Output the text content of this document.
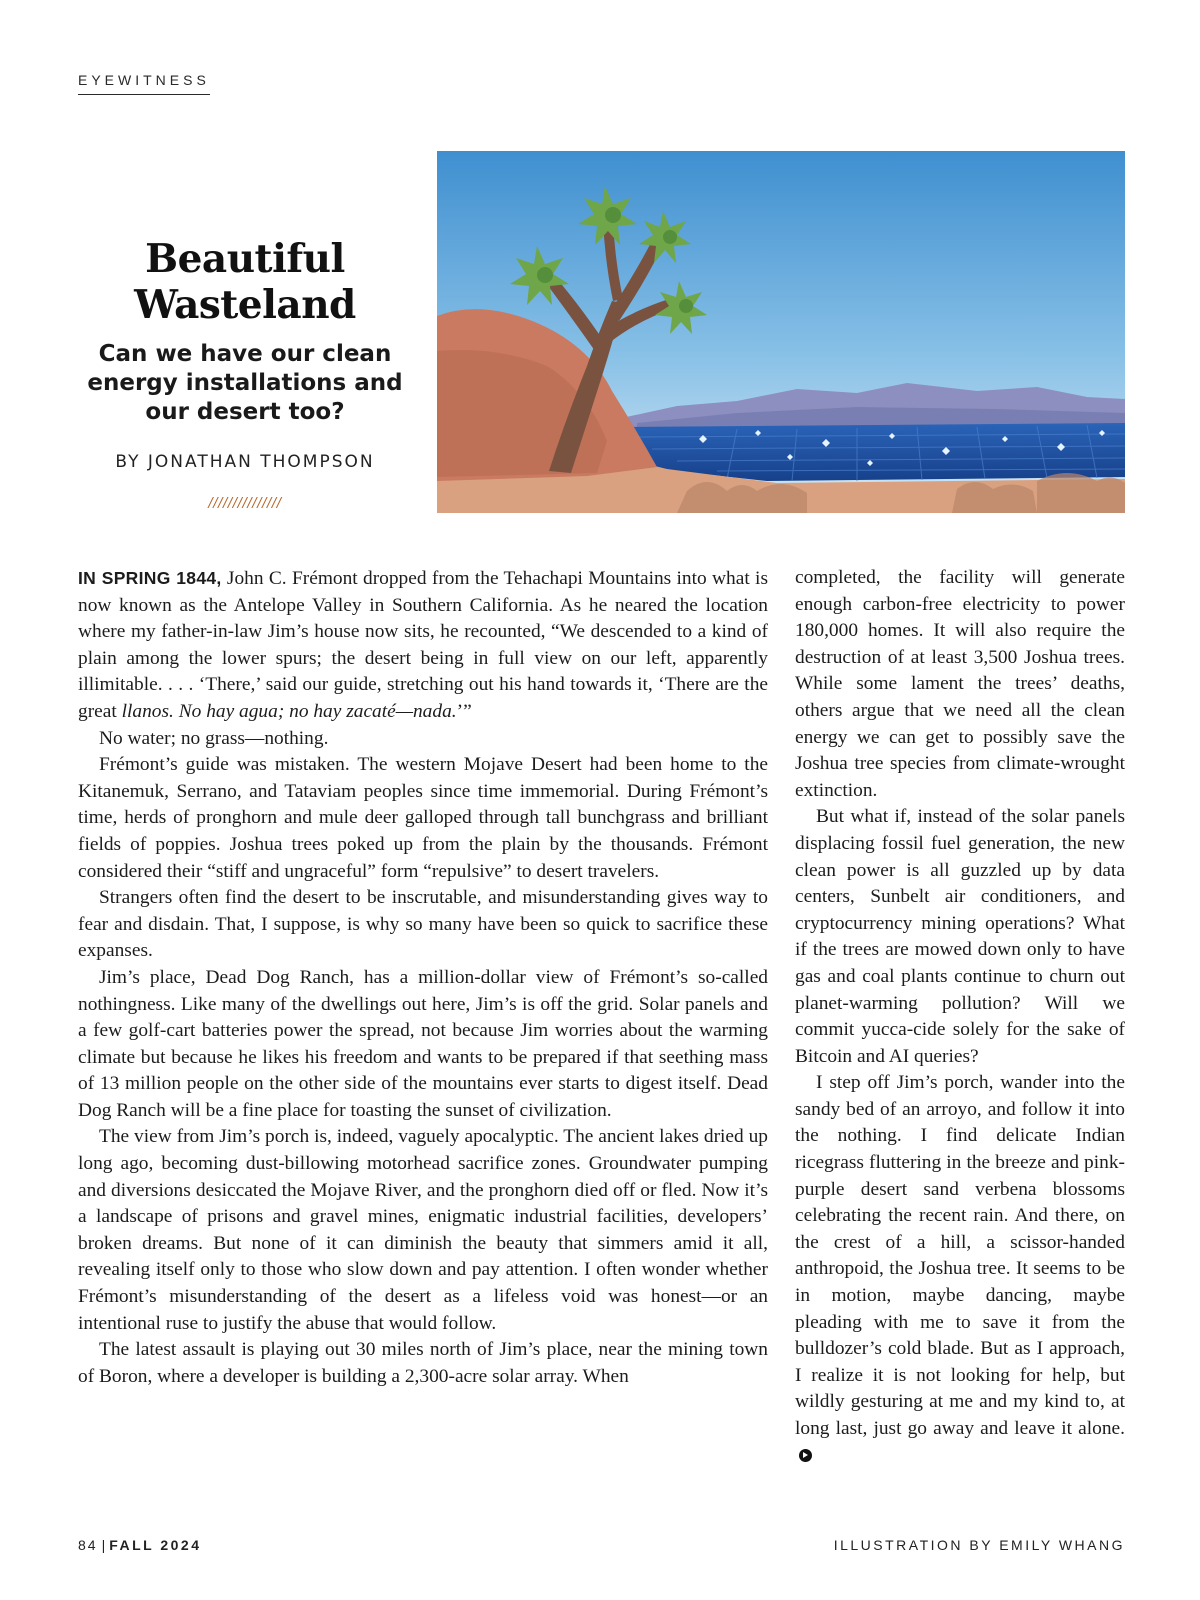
EYEWITNESS
Beautiful
Wasteland
Can we have our clean
energy installations and
our desert too?
BY JONATHAN THOMPSON
///////////////

IN SPRING 1844, John C. Frémont dropped from the Tehachapi Mountains into what is now known as the Antelope Valley in Southern California. As he neared the location where my father-in-law Jim’s house now sits, he recounted, “We descended to a kind of plain among the lower spurs; the desert being in full view on our left, apparently illimitable. . . . ‘There,’ said our guide, stretching out his hand towards it, ‘There are the great llanos. No hay agua; no hay zacaté—nada.’”

No water; no grass—nothing.

Frémont’s guide was mistaken. The western Mojave Desert had been home to the Kitanemuk, Serrano, and Tataviam peoples since time immemorial. During Frémont’s time, herds of pronghorn and mule deer galloped through tall bunchgrass and brilliant fields of poppies. Joshua trees poked up from the plain by the thousands. Frémont considered their “stiff and ungraceful” form “repulsive” to desert travelers.

Strangers often find the desert to be inscrutable, and misunderstanding gives way to fear and disdain. That, I suppose, is why so many have been so quick to sacrifice these expanses.

Jim’s place, Dead Dog Ranch, has a million-dollar view of Frémont’s so-called nothingness. Like many of the dwellings out here, Jim’s is off the grid. Solar panels and a few golf-cart batteries power the spread, not because Jim worries about the warming climate but because he likes his freedom and wants to be prepared if that seething mass of 13 million people on the other side of the mountains ever starts to digest itself. Dead Dog Ranch will be a fine place for toasting the sunset of civilization.

The view from Jim’s porch is, indeed, vaguely apocalyptic. The ancient lakes dried up long ago, becoming dust-billowing motorhead sacrifice zones. Groundwater pumping and diversions desiccated the Mojave River, and the pronghorn died off or fled. Now it’s a landscape of prisons and gravel mines, enigmatic industrial facilities, developers’ broken dreams. But none of it can diminish the beauty that simmers amid it all, revealing itself only to those who slow down and pay attention. I often wonder whether Frémont’s misunderstanding of the desert as a lifeless void was honest—or an intentional ruse to justify the abuse that would follow.

The latest assault is playing out 30 miles north of Jim’s place, near the mining town of Boron, where a developer is building a 2,300-acre solar array. When

completed, the facility will generate enough carbon-free electricity to power 180,000 homes. It will also require the destruction of at least 3,500 Joshua trees. While some lament the trees’ deaths, others argue that we need all the clean energy we can get to possibly save the Joshua tree species from climate-wrought extinction.

But what if, instead of the solar panels displacing fossil fuel generation, the new clean power is all guzzled up by data centers, Sunbelt air conditioners, and cryptocurrency mining operations? What if the trees are mowed down only to have gas and coal plants continue to churn out planet-warming pollution? Will we commit yucca-cide solely for the sake of Bitcoin and AI queries?

I step off Jim’s porch, wander into the sandy bed of an arroyo, and follow it into the nothing. I find delicate Indian ricegrass fluttering in the breeze and pink-purple desert sand verbena blossoms celebrating the recent rain. And there, on the crest of a hill, a scissor-handed anthropoid, the Joshua tree. It seems to be in motion, maybe dancing, maybe pleading with me to save it from the bulldozer’s cold blade. But as I approach, I realize it is not looking for help, but wildly gesturing at me and my kind to, at long last, just go away and leave it alone.

84 | FALL 2024	ILLUSTRATION BY EMILY WHANG
